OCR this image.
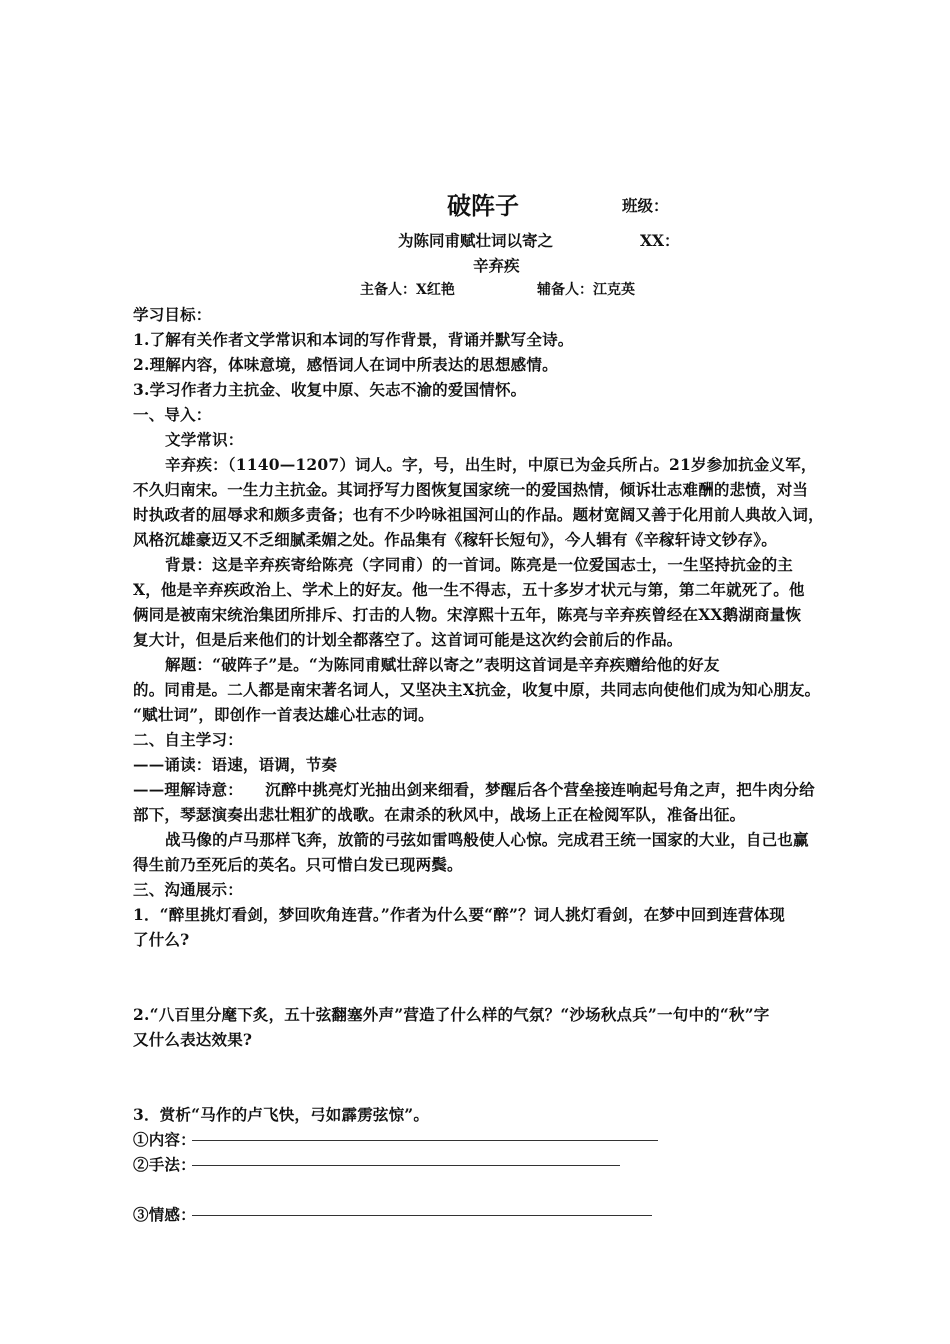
破阵子	班级：
为陈同甫赋壮词以寄之	XX：
辛弃疾
主备人：X红艳	辅备人：江克英
学习目标：
1.了解有关作者文学常识和本词的写作背景，背诵并默写全诗。
2.理解内容，体味意境，感悟词人在词中所表达的思想感情。
3.学习作者力主抗金、收复中原、矢志不渝的爱国情怀。
一、导入：
文学常识：
辛弃疾：（1140—1207）词人。字，号，出生时，中原已为金兵所占。21岁参加抗金义军，
不久归南宋。一生力主抗金。其词抒写力图恢复国家统一的爱国热情，倾诉壮志难酬的悲愤，对当
时执政者的屈辱求和颇多责备；也有不少吟咏祖国河山的作品。题材宽阔又善于化用前人典故入词，
风格沉雄豪迈又不乏细腻柔媚之处。作品集有《稼轩长短句》，今人辑有《辛稼轩诗文钞存》。
背景：这是辛弃疾寄给陈亮（字同甫）的一首词。陈亮是一位爱国志士，一生坚持抗金的主
X，他是辛弃疾政治上、学术上的好友。他一生不得志，五十多岁才状元与第，第二年就死了。他
俩同是被南宋统治集团所排斥、打击的人物。宋淳熙十五年，陈亮与辛弃疾曾经在XX鹅湖商量恢
复大计，但是后来他们的计划全都落空了。这首词可能是这次约会前后的作品。
解题：“破阵子”是。“为陈同甫赋壮辞以寄之”表明这首词是辛弃疾赠给他的好友
的。同甫是。二人都是南宋著名词人，又坚决主X抗金，收复中原，共同志向使他们成为知心朋友。
“赋壮词”，即创作一首表达雄心壮志的词。
二、自主学习：
——诵读：语速，语调，节奏
——理解诗意：    沉醉中挑亮灯光抽出剑来细看，梦醒后各个营垒接连响起号角之声，把牛肉分给
部下，琴瑟演奏出悲壮粗犷的战歌。在肃杀的秋风中，战场上正在检阅军队，准备出征。
战马像的卢马那样飞奔，放箭的弓弦如雷鸣般使人心惊。完成君王统一国家的大业，自己也赢
得生前乃至死后的英名。只可惜白发已现两鬓。
三、沟通展示：
1．“醉里挑灯看剑，梦回吹角连营。”作者为什么要“醉”？词人挑灯看剑，在梦中回到连营体现
了什么?
2.“八百里分麾下炙，五十弦翻塞外声”营造了什么样的气氛？“沙场秋点兵”一句中的“秋”字
又什么表达效果?
3．赏析“马作的卢飞快，弓如霹雳弦惊”。
①内容：
②手法：
③情感：
